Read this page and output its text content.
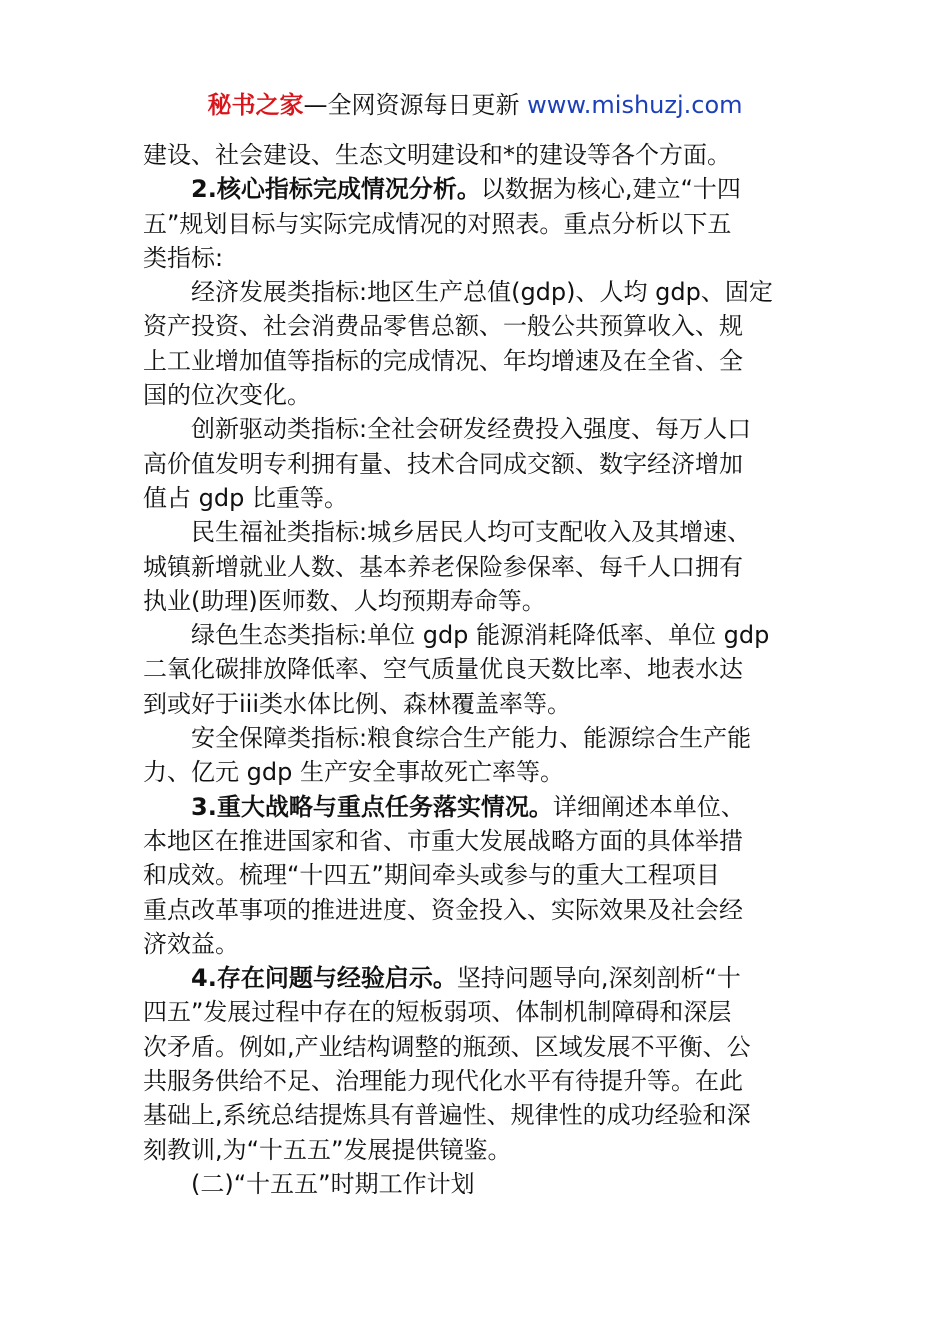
秘书之家—全网资源每日更新 www.mishuzj.com
建设、社会建设、生态文明建设和*的建设等各个方面。
2.核心指标完成情况分析。以数据为核心,建立“十四
五”规划目标与实际完成情况的对照表。重点分析以下五
类指标:
经济发展类指标:地区生产总值(gdp)、人均 gdp、固定
资产投资、社会消费品零售总额、一般公共预算收入、规
上工业增加值等指标的完成情况、年均增速及在全省、全
国的位次变化。
创新驱动类指标:全社会研发经费投入强度、每万人口
高价值发明专利拥有量、技术合同成交额、数字经济增加
值占 gdp 比重等。
民生福祉类指标:城乡居民人均可支配收入及其增速、
城镇新增就业人数、基本养老保险参保率、每千人口拥有
执业(助理)医师数、人均预期寿命等。
绿色生态类指标:单位 gdp 能源消耗降低率、单位 gdp
二氧化碳排放降低率、空气质量优良天数比率、地表水达
到或好于iii类水体比例、森林覆盖率等。
安全保障类指标:粮食综合生产能力、能源综合生产能
力、亿元 gdp 生产安全事故死亡率等。
3.重大战略与重点任务落实情况。详细阐述本单位、
本地区在推进国家和省、市重大发展战略方面的具体举措
和成效。梳理“十四五”期间牵头或参与的重大工程项目
重点改革事项的推进进度、资金投入、实际效果及社会经
济效益。
4.存在问题与经验启示。坚持问题导向,深刻剖析“十
四五”发展过程中存在的短板弱项、体制机制障碍和深层
次矛盾。例如,产业结构调整的瓶颈、区域发展不平衡、公
共服务供给不足、治理能力现代化水平有待提升等。在此
基础上,系统总结提炼具有普遍性、规律性的成功经验和深
刻教训,为“十五五”发展提供镜鉴。
(二)“十五五”时期工作计划
